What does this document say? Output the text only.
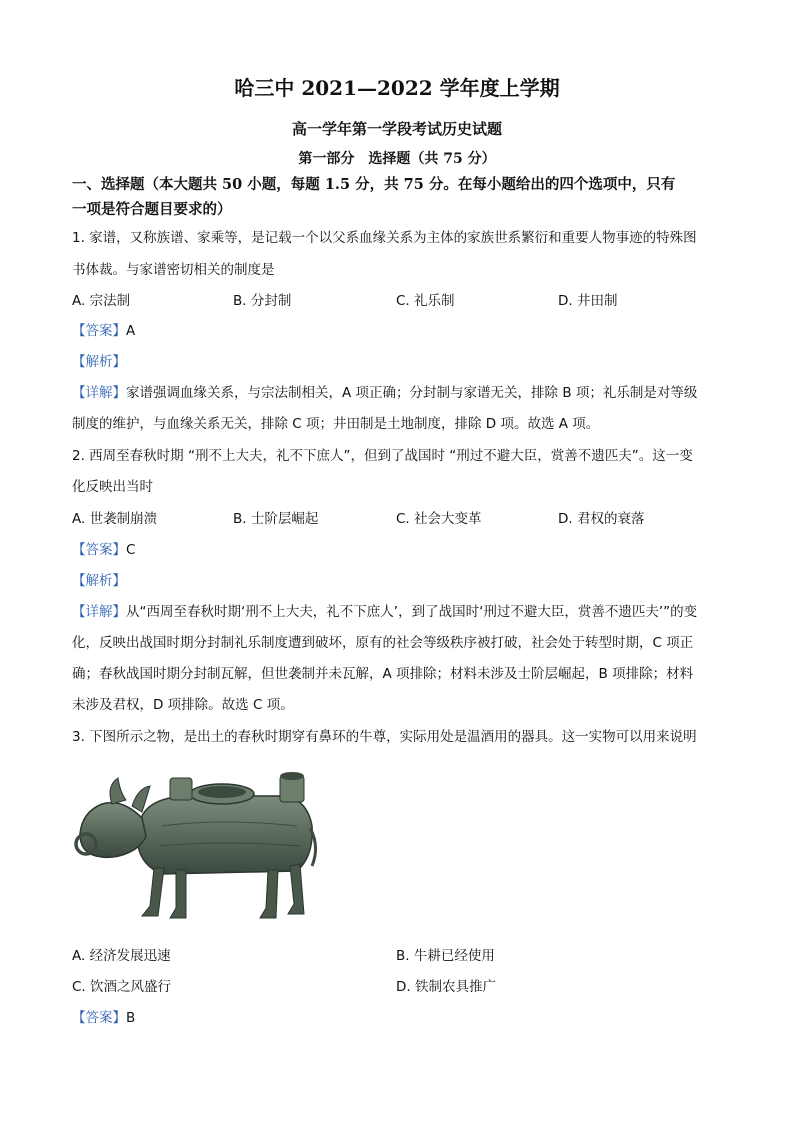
哈三中 2021—2022 学年度上学期
高一学年第一学段考试历史试题
第一部分　选择题（共 75 分）
一、选择题（本大题共 50 小题，每题 1.5 分，共 75 分。在每小题给出的四个选项中，只有
一项是符合题目要求的）
1. 家谱，又称族谱、家乘等，是记载一个以父系血缘关系为主体的家族世系繁衍和重要人物事迹的特殊图
书体裁。与家谱密切相关的制度是
A. 宗法制	B. 分封制	C. 礼乐制	D. 井田制
【答案】A
【解析】
【详解】家谱强调血缘关系，与宗法制相关，A 项正确；分封制与家谱无关，排除 B 项；礼乐制是对等级
制度的维护，与血缘关系无关，排除 C 项；井田制是土地制度，排除 D 项。故选 A 项。
2. 西周至春秋时期 “刑不上大夫，礼不下庶人”，但到了战国时 “刑过不避大臣，赏善不遗匹夫”。这一变
化反映出当时
A. 世袭制崩溃	B. 士阶层崛起	C. 社会大变革	D. 君权的衰落
【答案】C
【解析】
【详解】从“西周至春秋时期‘刑不上大夫，礼不下庶人’，到了战国时‘刑过不避大臣，赏善不遗匹夫’”的变
化，反映出战国时期分封制礼乐制度遭到破坏，原有的社会等级秩序被打破，社会处于转型时期，C 项正
确；春秋战国时期分封制瓦解，但世袭制并未瓦解，A 项排除；材料未涉及士阶层崛起，B 项排除；材料
未涉及君权，D 项排除。故选 C 项。
3. 下图所示之物，是出土的春秋时期穿有鼻环的牛尊，实际用处是温酒用的器具。这一实物可以用来说明
A. 经济发展迅速	B. 牛耕已经使用
C. 饮酒之风盛行	D. 铁制农具推广
【答案】B
